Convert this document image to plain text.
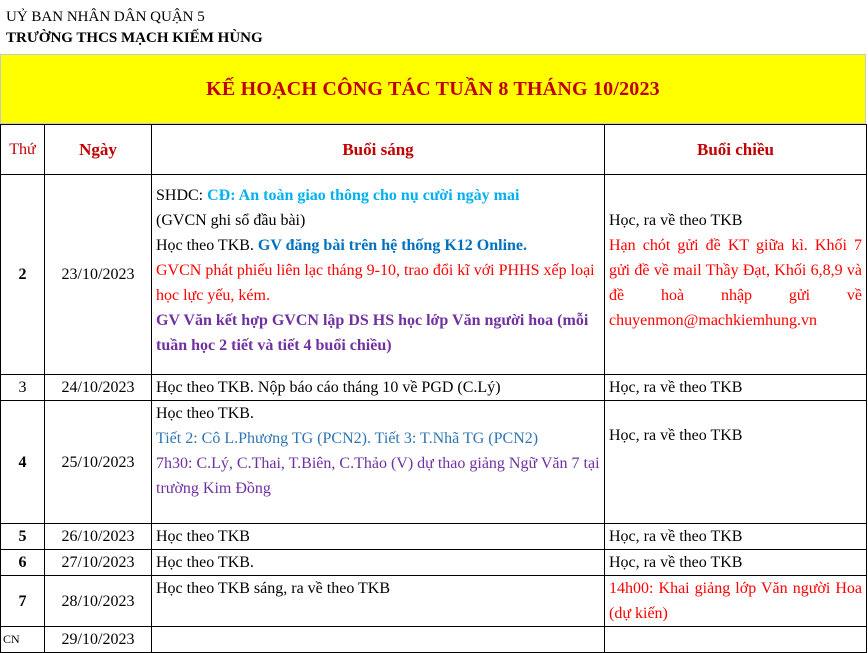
UỶ BAN NHÂN DÂN QUẬN 5
TRƯỜNG THCS MẠCH KIẾM HÙNG
KẾ HOẠCH CÔNG TÁC TUẦN 8 THÁNG 10/2023
Thứ	Ngày	Buổi sáng	Buổi chiều
2	23/10/2023	SHDC: CĐ: An toàn giao thông cho nụ cười ngày mai
(GVCN ghi sổ đầu bài)
Học theo TKB. GV đăng bài trên hệ thống K12 Online.
GVCN phát phiếu liên lạc tháng 9-10, trao đổi kĩ với PHHS xếp loại học lực yếu, kém.
GV Văn kết hợp GVCN lập DS HS học lớp Văn người hoa (mỗi tuần học 2 tiết và tiết 4 buổi chiều)	Học, ra về theo TKB
Hạn chót gửi đề KT giữa kì. Khối 7 gửi đề về mail Thầy Đạt, Khối 6,8,9 và đề hoà nhập gửi về chuyenmon@machkiemhung.vn

3	24/10/2023	Học theo TKB. Nộp báo cáo tháng 10 về PGD (C.Lý)	Học, ra về theo TKB
4	25/10/2023	Học theo TKB.
Tiết 2: Cô L.Phương TG (PCN2). Tiết 3: T.Nhã TG (PCN2)
7h30: C.Lý, C.Thai, T.Biên, C.Thảo (V) dự thao giảng Ngữ Văn 7 tại trường Kim Đồng	Học, ra về theo TKB
5	26/10/2023	Học theo TKB	Học, ra về theo TKB
6	27/10/2023	Học theo TKB.	Học, ra về theo TKB
7	28/10/2023	Học theo TKB sáng, ra về theo TKB	14h00: Khai giảng lớp Văn người Hoa (dự kiến)
CN	29/10/2023		
